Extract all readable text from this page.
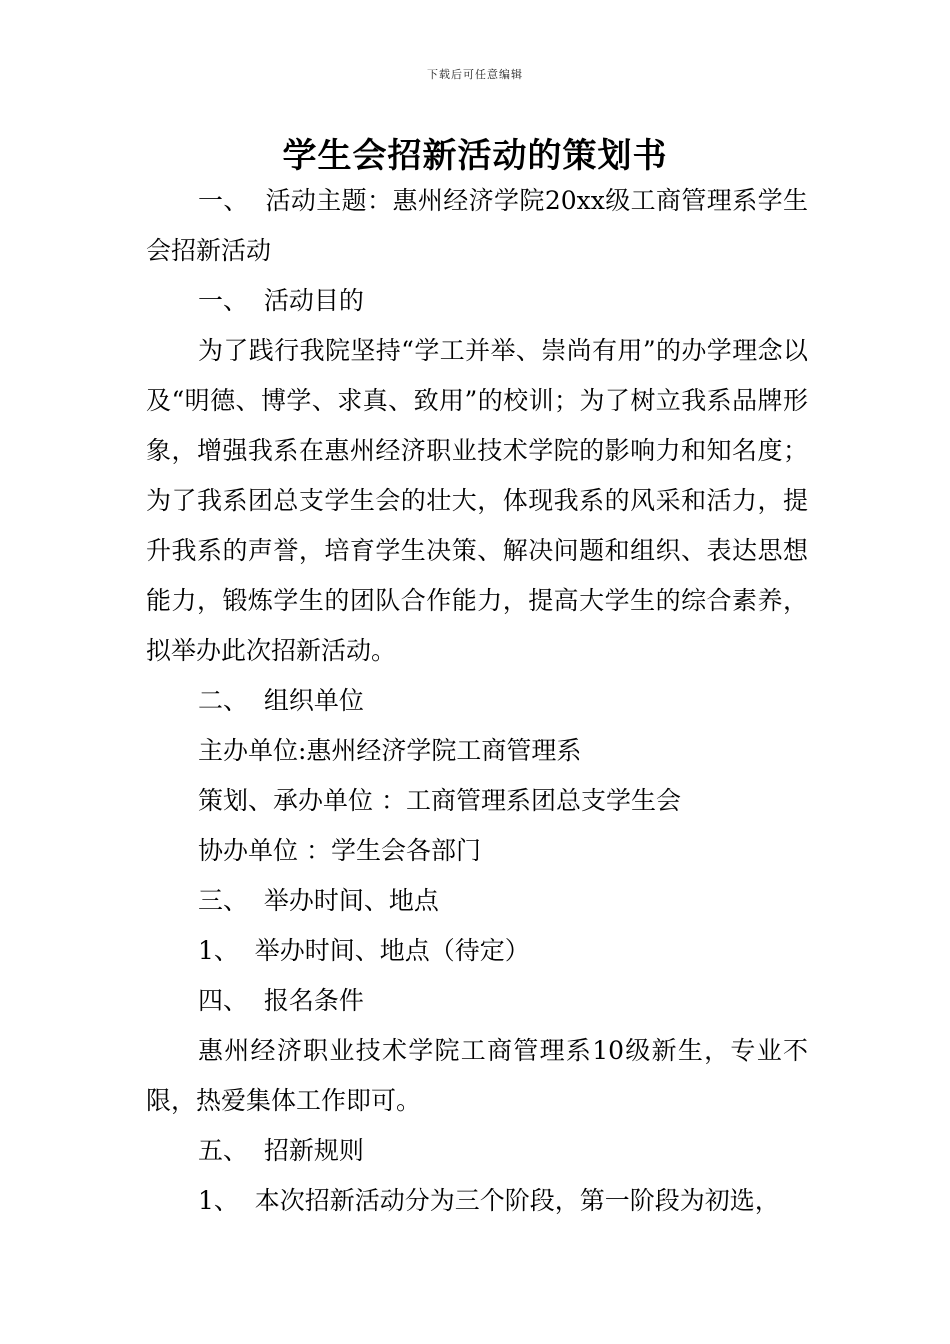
下载后可任意编辑
学生会招新活动的策划书

一、  活动主题：惠州经济学院20xx级工商管理系学生会招新活动

一、  活动目的

为了践行我院坚持“学工并举、崇尚有用”的办学理念以及“明德、博学、求真、致用”的校训；为了树立我系品牌形象，增强我系在惠州经济职业技术学院的影响力和知名度；为了我系团总支学生会的壮大，体现我系的风采和活力，提升我系的声誉，培育学生决策、解决问题和组织、表达思想能力，锻炼学生的团队合作能力，提高大学生的综合素养，拟举办此次招新活动。

二、  组织单位

主办单位:惠州经济学院工商管理系

策划、承办单位 ：工商管理系团总支学生会

协办单位 ：学生会各部门

三、  举办时间、地点

1、  举办时间、地点（待定）

四、  报名条件

惠州经济职业技术学院工商管理系10级新生，专业不限，热爱集体工作即可。

五、  招新规则

1、  本次招新活动分为三个阶段，第一阶段为初选，
